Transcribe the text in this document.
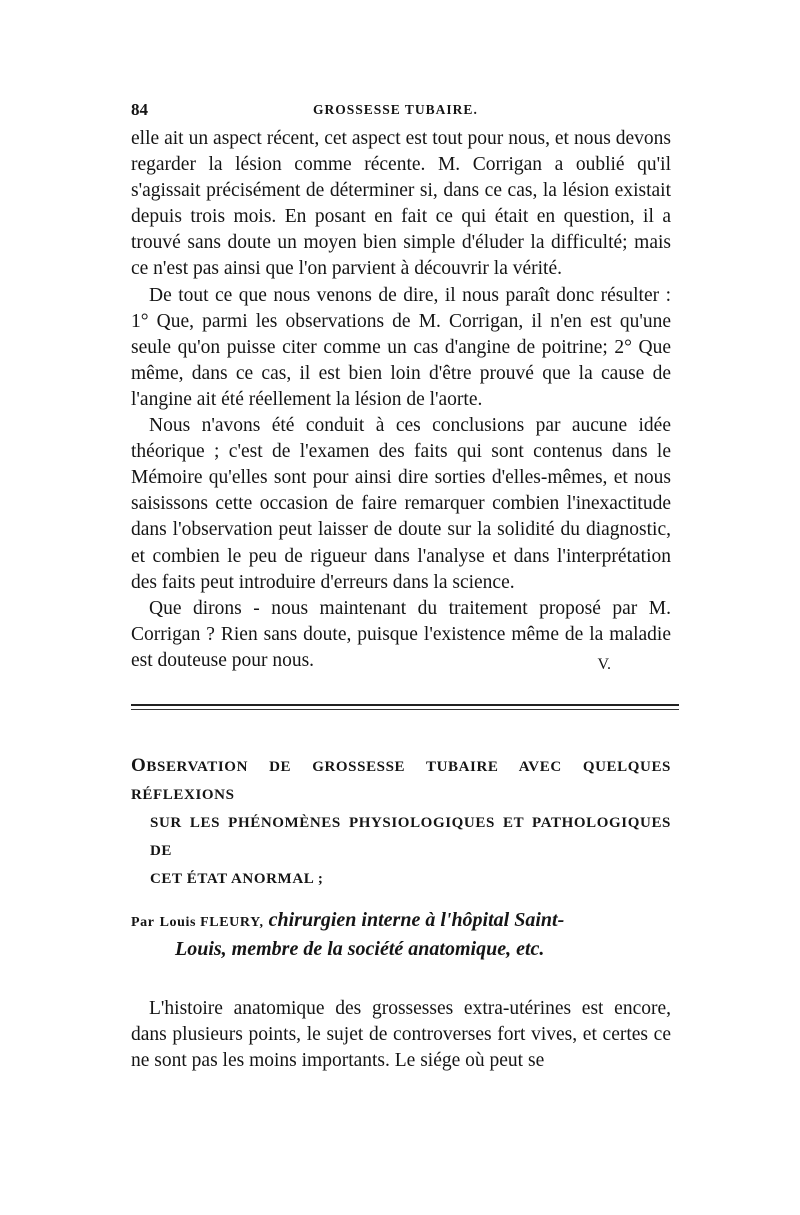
84	GROSSESSE TUBAIRE.

elle ait un aspect récent, cet aspect est tout pour nous, et nous devons regarder la lésion comme récente. M. Corrigan a oublié qu'il s'agissait précisément de déterminer si, dans ce cas, la lésion existait depuis trois mois. En posant en fait ce qui était en question, il a trouvé sans doute un moyen bien simple d'éluder la difficulté; mais ce n'est pas ainsi que l'on parvient à découvrir la vérité.

De tout ce que nous venons de dire, il nous paraît donc résulter : 1° Que, parmi les observations de M. Corrigan, il n'en est qu'une seule qu'on puisse citer comme un cas d'angine de poitrine; 2° Que même, dans ce cas, il est bien loin d'être prouvé que la cause de l'angine ait été réellement la lésion de l'aorte.

Nous n'avons été conduit à ces conclusions par aucune idée théorique ; c'est de l'examen des faits qui sont contenus dans le Mémoire qu'elles sont pour ainsi dire sorties d'elles-mêmes, et nous saisissons cette occasion de faire remarquer combien l'inexactitude dans l'observation peut laisser de doute sur la solidité du diagnostic, et combien le peu de rigueur dans l'analyse et dans l'interprétation des faits peut introduire d'erreurs dans la science.

Que dirons - nous maintenant du traitement proposé par M. Corrigan ? Rien sans doute, puisque l'existence même de la maladie est douteuse pour nous.	V.
OBSERVATION DE GROSSESSE TUBAIRE AVEC QUELQUES RÉFLEXIONS
SUR LES PHÉNOMÈNES PHYSIOLOGIQUES ET PATHOLOGIQUES DE
CET ÉTAT ANORMAL ;
Par Louis FLEURY, chirurgien interne à l'hôpital Saint-
Louis, membre de la société anatomique, etc.

L'histoire anatomique des grossesses extra-utérines est encore, dans plusieurs points, le sujet de controverses fort vives, et certes ce ne sont pas les moins importants. Le siége où peut se
